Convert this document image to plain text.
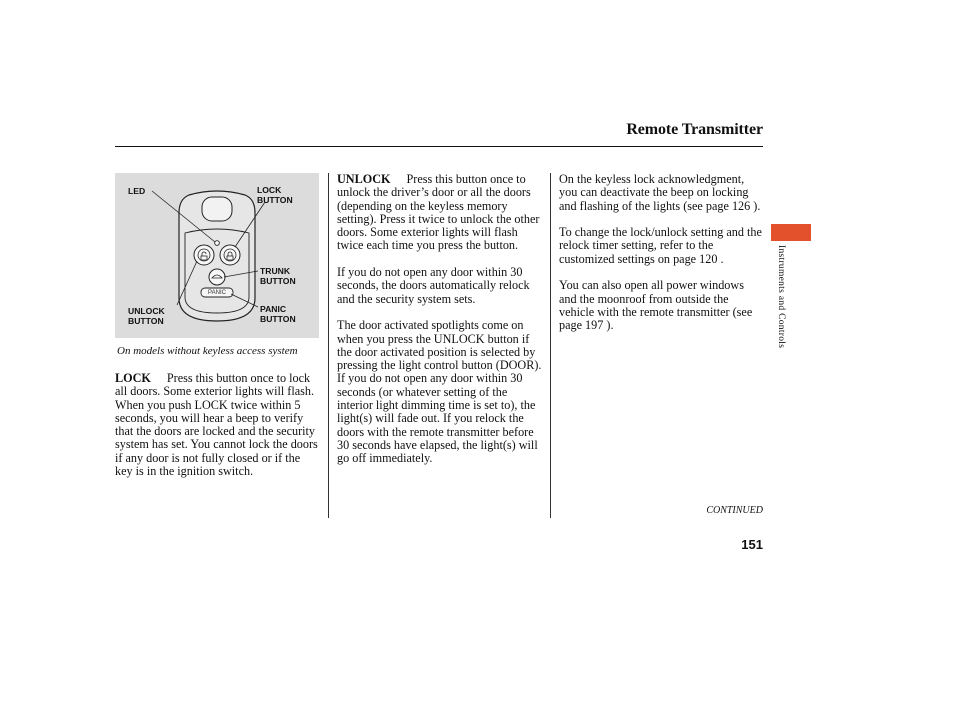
Remote Transmitter
LED	LOCK
BUTTON
TRUNK
BUTTON
UNLOCK
BUTTON
PANIC
BUTTON
PANIC
On models without keyless access system

LOCK Press this button once to lock all doors. Some exterior lights will flash. When you push LOCK twice within 5 seconds, you will hear a beep to verify that the doors are locked and the security system has set. You cannot lock the doors if any door is not fully closed or if the key is in the ignition switch.

UNLOCK Press this button once to unlock the driver’s door or all the doors (depending on the keyless memory setting). Press it twice to unlock the other doors. Some exterior lights will flash twice each time you press the button.

If you do not open any door within 30 seconds, the doors automatically relock and the security system sets.

The door activated spotlights come on when you press the UNLOCK button if the door activated position is selected by pressing the light control button (DOOR). If you do not open any door within 30 seconds (or whatever setting of the interior light dimming time is set to), the light(s) will fade out. If you relock the doors with the remote transmitter before 30 seconds have elapsed, the light(s) will go off immediately.

On the keyless lock acknowledgment, you can deactivate the beep on locking and flashing of the lights (see page 126 ).

To change the lock/unlock setting and the relock timer setting, refer to the customized settings on page 120 .

You can also open all power windows and the moonroof from outside the vehicle with the remote transmitter (see page 197 ).	Instruments and Controls
CONTINUED
151
